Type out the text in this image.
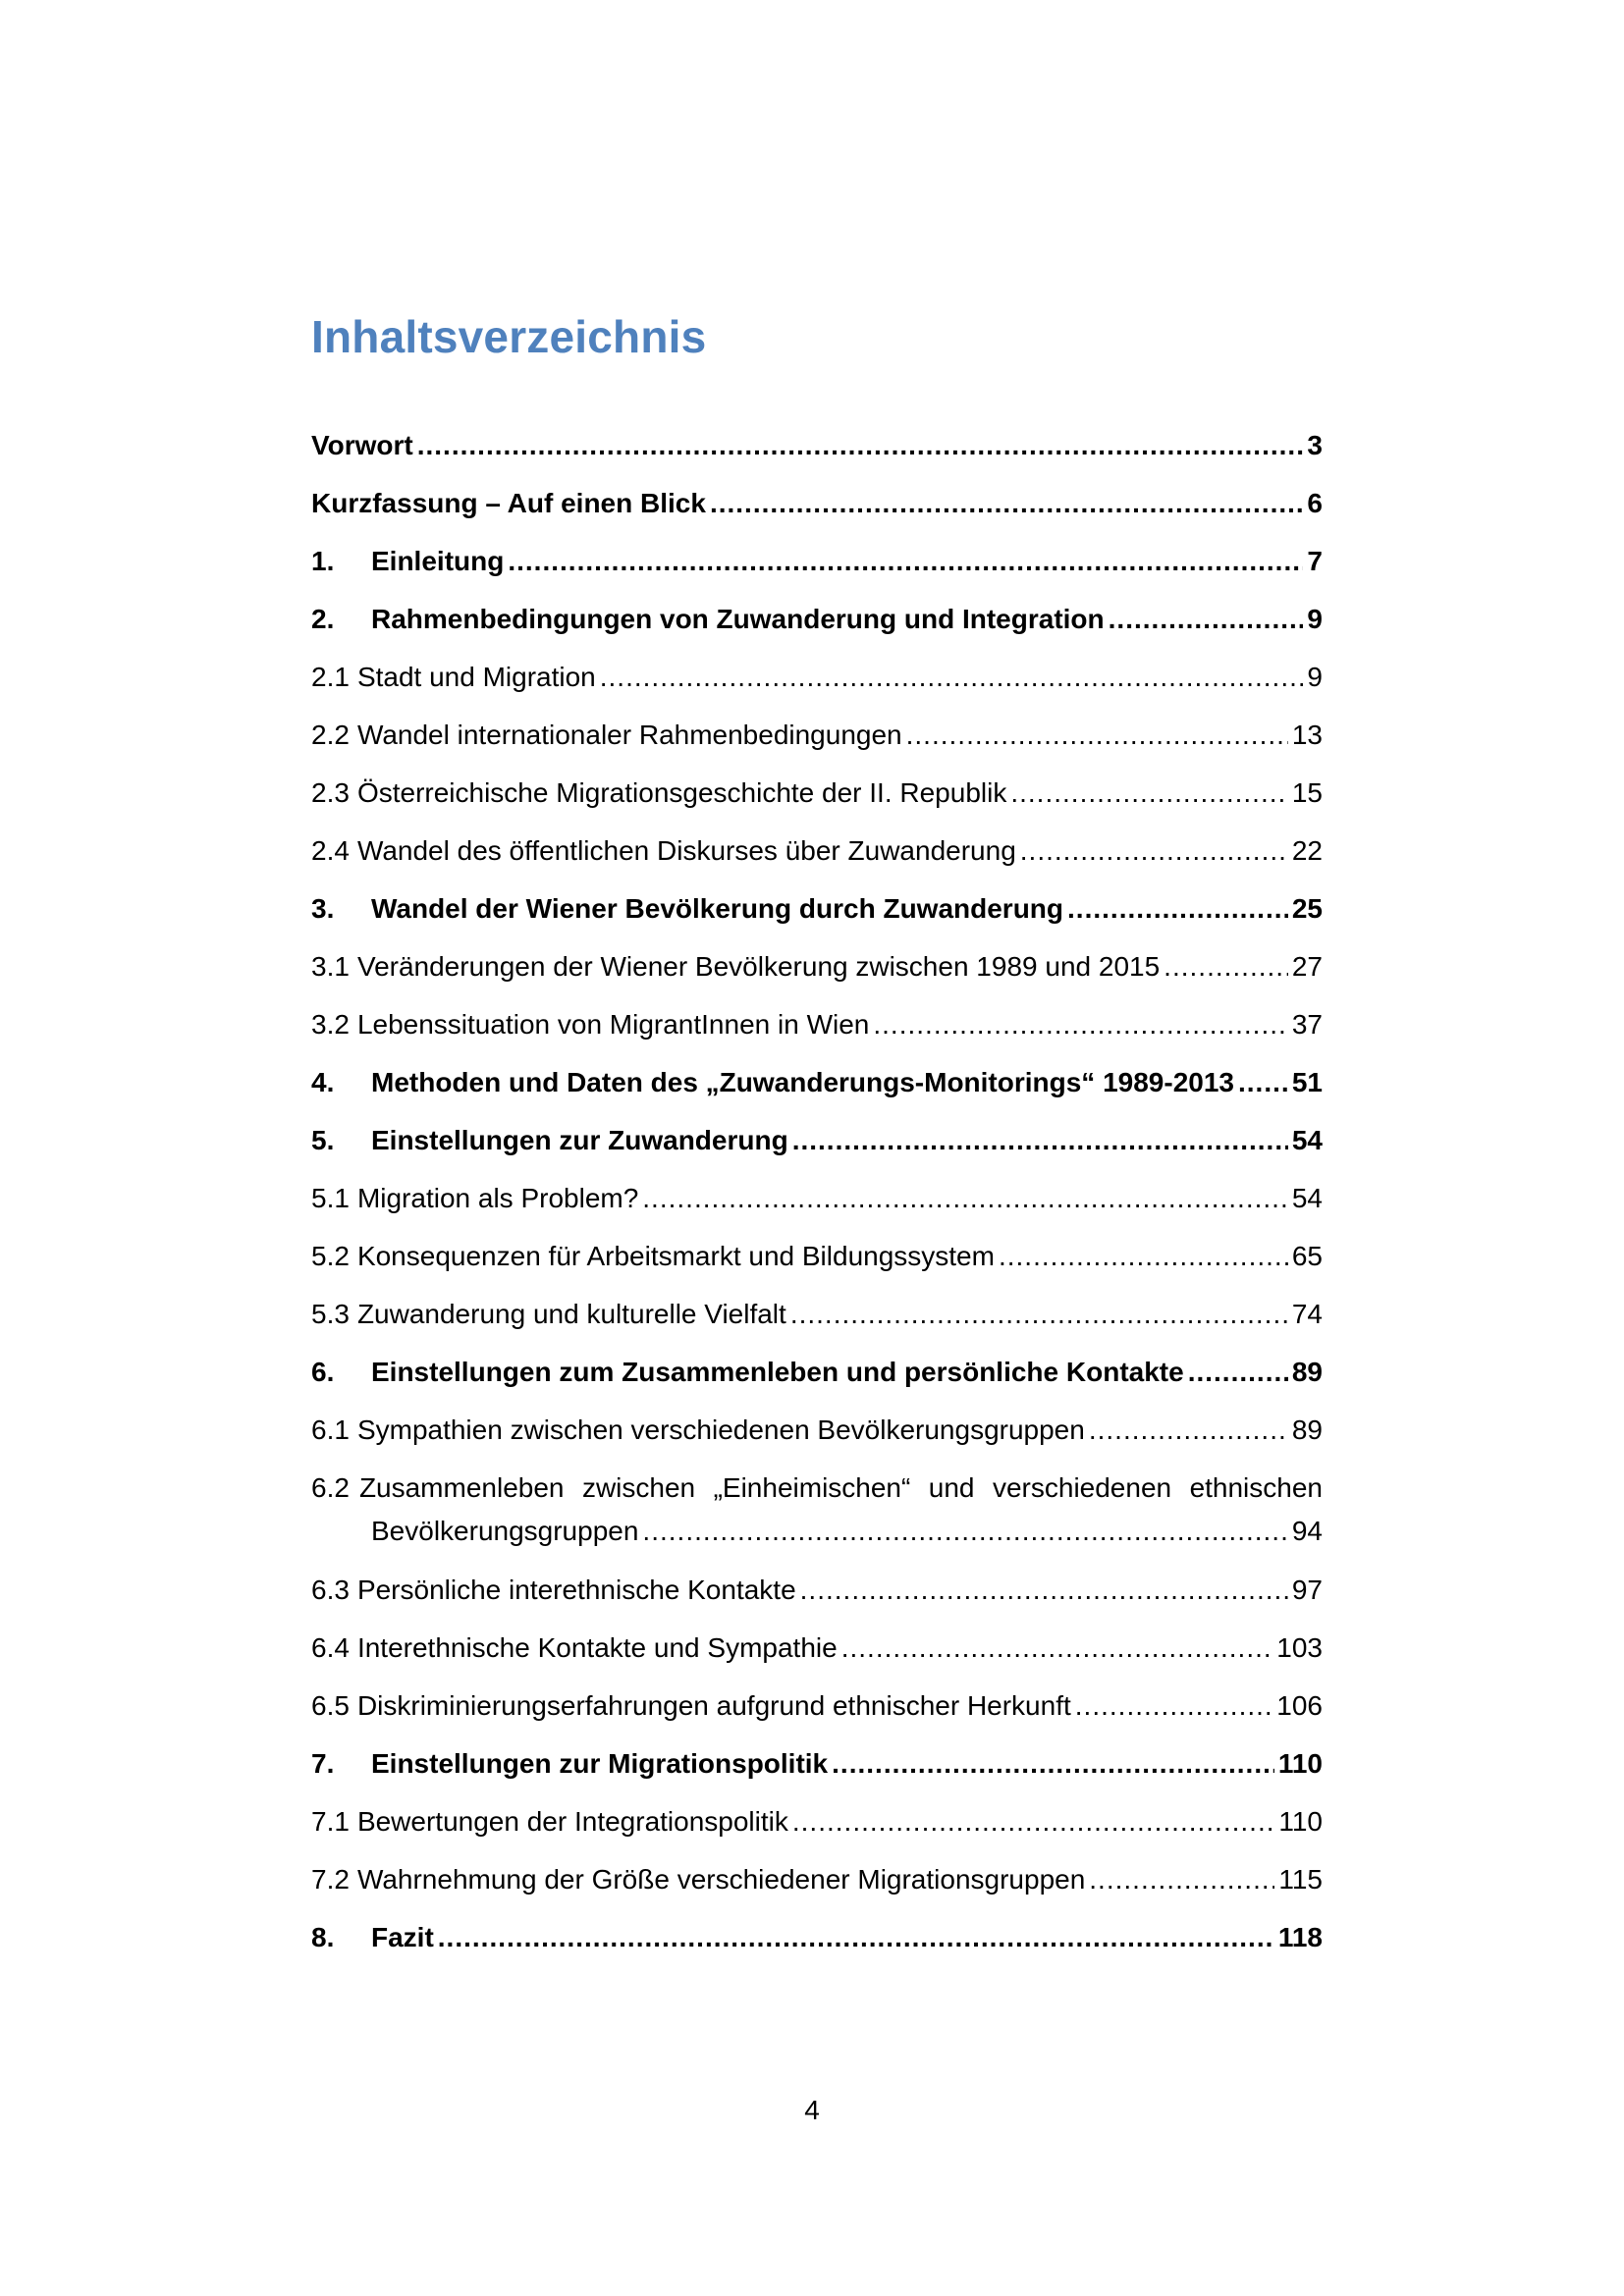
Inhaltsverzeichnis
Vorwort .....	3
Kurzfassung – Auf einen Blick .....	6
1.	Einleitung .....	7
2.	Rahmenbedingungen von Zuwanderung und Integration .....	9
2.1 Stadt und Migration .....	9
2.2 Wandel internationaler Rahmenbedingungen .....	13
2.3 Österreichische Migrationsgeschichte der II. Republik .....	15
2.4 Wandel des öffentlichen Diskurses über Zuwanderung .....	22
3.	Wandel der Wiener Bevölkerung durch Zuwanderung .....	25
3.1 Veränderungen der Wiener Bevölkerung zwischen 1989 und 2015 .....	27
3.2 Lebenssituation von MigrantInnen in Wien .....	37
4.	Methoden und Daten des „Zuwanderungs-Monitorings“ 1989-2013 ..... 51
5.	Einstellungen zur Zuwanderung .....	54
5.1 Migration als Problem? .....	54
5.2 Konsequenzen für Arbeitsmarkt und Bildungssystem .....	65
5.3 Zuwanderung und kulturelle Vielfalt .....	74
6.	Einstellungen zum Zusammenleben und persönliche Kontakte .....	89
6.1 Sympathien zwischen verschiedenen Bevölkerungsgruppen .....	89
6.2 Zusammenleben zwischen „Einheimischen“ und verschiedenen ethnischen
Bevölkerungsgruppen .....	94
6.3 Persönliche interethnische Kontakte .....	97
6.4 Interethnische Kontakte und Sympathie .....	103
6.5 Diskriminierungserfahrungen aufgrund ethnischer Herkunft .....	106
7.	Einstellungen zur Migrationspolitik .....	110
7.1 Bewertungen der Integrationspolitik .....	110
7.2 Wahrnehmung der Größe verschiedener Migrationsgruppen .....	115
8.	Fazit .....	118
4
